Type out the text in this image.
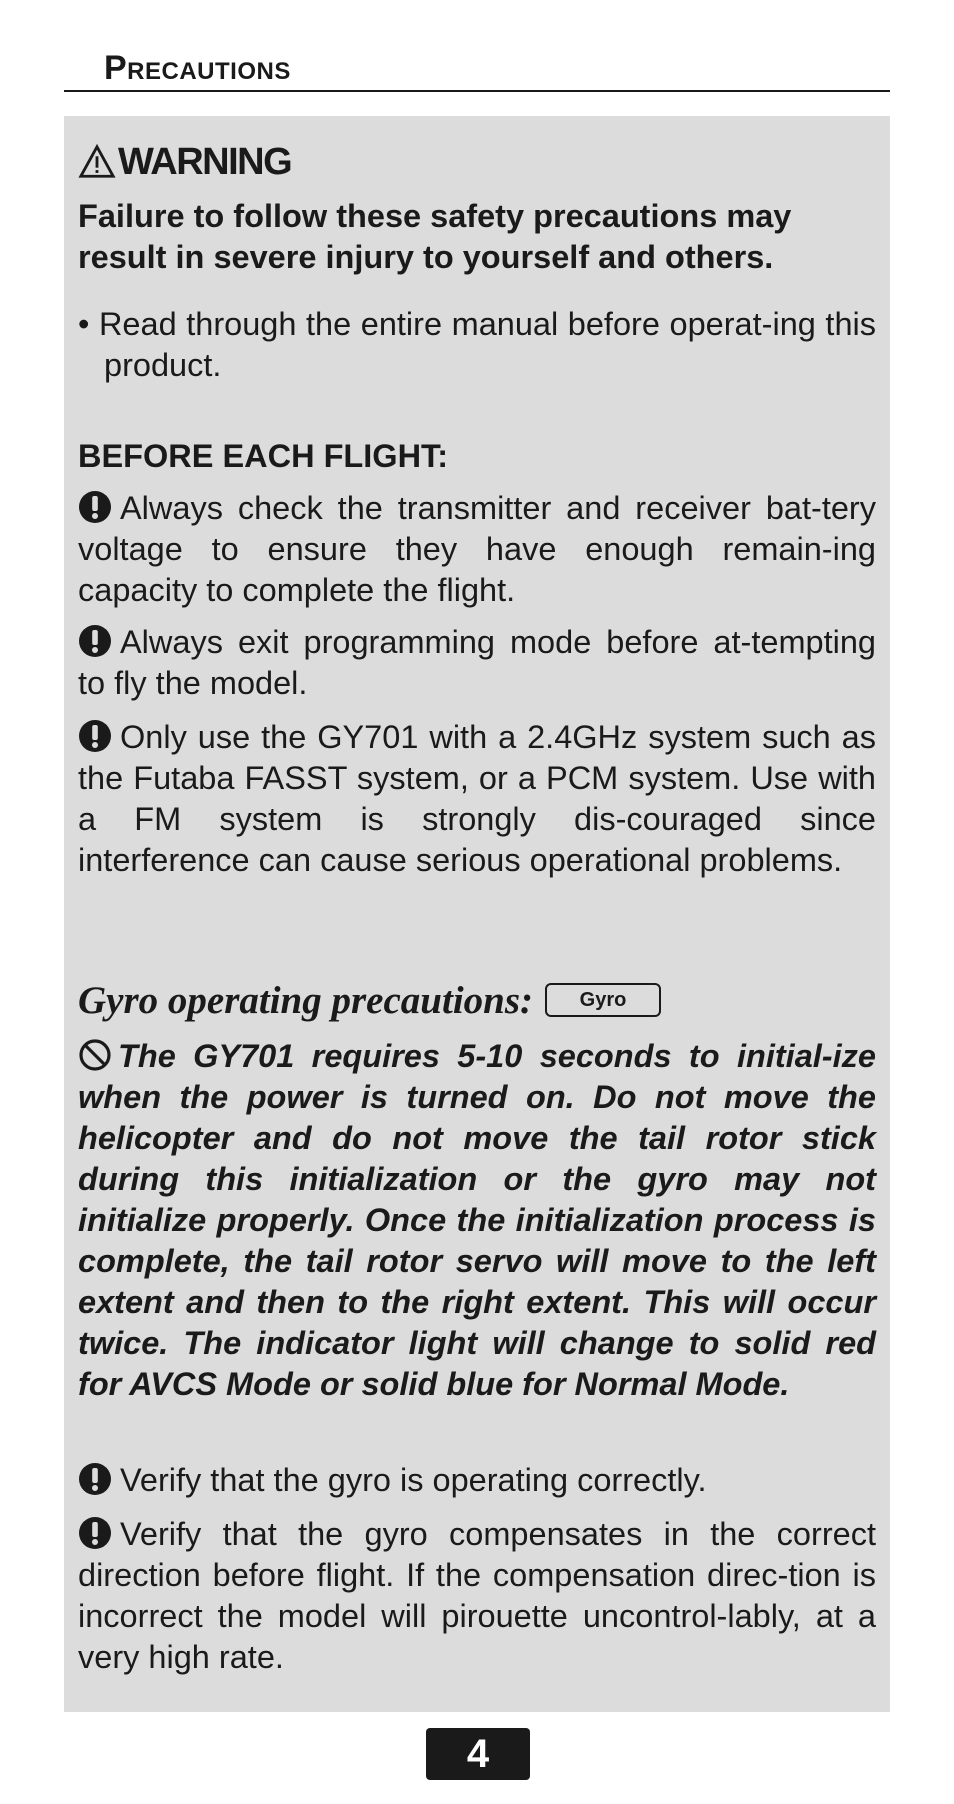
Precautions
WARNING
Failure to follow these safety precautions may result in severe injury to yourself and others.
• Read through the entire manual before operat-ing this product.
BEFORE EACH FLIGHT:
Always check the transmitter and receiver bat-tery voltage to ensure they have enough remain-ing capacity to complete the flight.
Always exit programming mode before at-tempting to fly the model.
Only use the GY701 with a 2.4GHz system such as the Futaba FASST system, or a PCM system. Use with a FM system is strongly dis-couraged since interference can cause serious operational problems.
Gyro operating precautions:	Gyro
The GY701 requires 5-10 seconds to initial-ize when the power is turned on. Do not move the helicopter and do not move the tail rotor stick during this initialization or the gyro may not initialize properly. Once the initialization process is complete, the tail rotor servo will move to the left extent and then to the right extent. This will occur twice. The indicator light will change to solid red for AVCS Mode or solid blue for Normal Mode.
Verify that the gyro is operating correctly.
Verify that the gyro compensates in the correct direction before flight. If the compensation direc-tion is incorrect the model will pirouette uncontrol-lably, at a very high rate.
4
